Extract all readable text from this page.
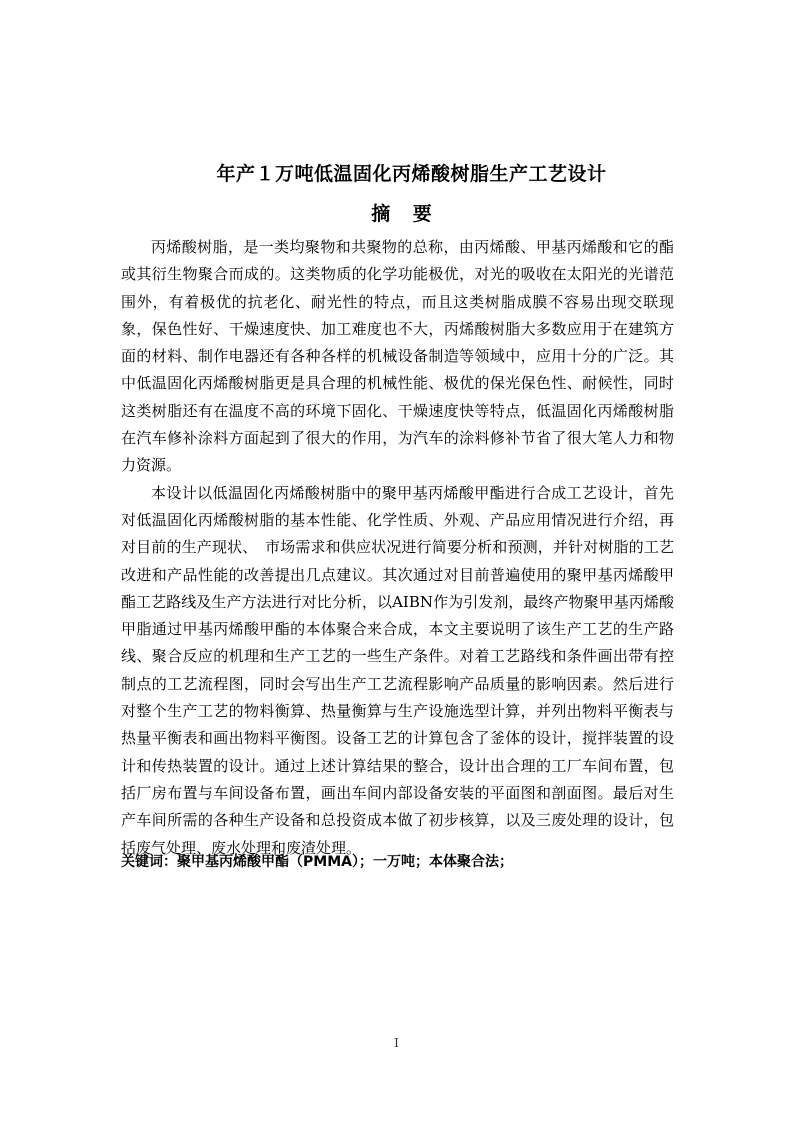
年产１万吨低温固化丙烯酸树脂生产工艺设计
摘 要

丙烯酸树脂，是一类均聚物和共聚物的总称，由丙烯酸、甲基丙烯酸和它的酯或其衍生物聚合而成的。这类物质的化学功能极优，对光的吸收在太阳光的光谱范围外，有着极优的抗老化、耐光性的特点，而且这类树脂成膜不容易出现交联现象，保色性好、干燥速度快、加工难度也不大，丙烯酸树脂大多数应用于在建筑方面的材料、制作电器还有各种各样的机械设备制造等领域中，应用十分的广泛。其中低温固化丙烯酸树脂更是具合理的机械性能、极优的保光保色性、耐候性，同时这类树脂还有在温度不高的环境下固化、干燥速度快等特点，低温固化丙烯酸树脂在汽车修补涂料方面起到了很大的作用，为汽车的涂料修补节省了很大笔人力和物力资源。

本设计以低温固化丙烯酸树脂中的聚甲基丙烯酸甲酯进行合成工艺设计，首先对低温固化丙烯酸树脂的基本性能、化学性质、外观、产品应用情况进行介绍，再对目前的生产现状、　市场需求和供应状况进行简要分析和预测，并针对树脂的工艺改进和产品性能的改善提出几点建议。其次通过对目前普遍使用的聚甲基丙烯酸甲酯工艺路线及生产方法进行对比分析，以AIBN作为引发剂，最终产物聚甲基丙烯酸甲脂通过甲基丙烯酸甲酯的本体聚合来合成，本文主要说明了该生产工艺的生产路线、聚合反应的机理和生产工艺的一些生产条件。对着工艺路线和条件画出带有控制点的工艺流程图，同时会写出生产工艺流程影响产品质量的影响因素。然后进行对整个生产工艺的物料衡算、热量衡算与生产设施选型计算，并列出物料平衡表与热量平衡表和画出物料平衡图。设备工艺的计算包含了釜体的设计，搅拌装置的设计和传热装置的设计。通过上述计算结果的整合，设计出合理的工厂车间布置，包括厂房布置与车间设备布置，画出车间内部设备安装的平面图和剖面图。最后对生产车间所需的各种生产设备和总投资成本做了初步核算，以及三废处理的设计，包括废气处理、废水处理和废渣处理。

关键词：聚甲基丙烯酸甲酯（PMMA）；一万吨；本体聚合法；
I
